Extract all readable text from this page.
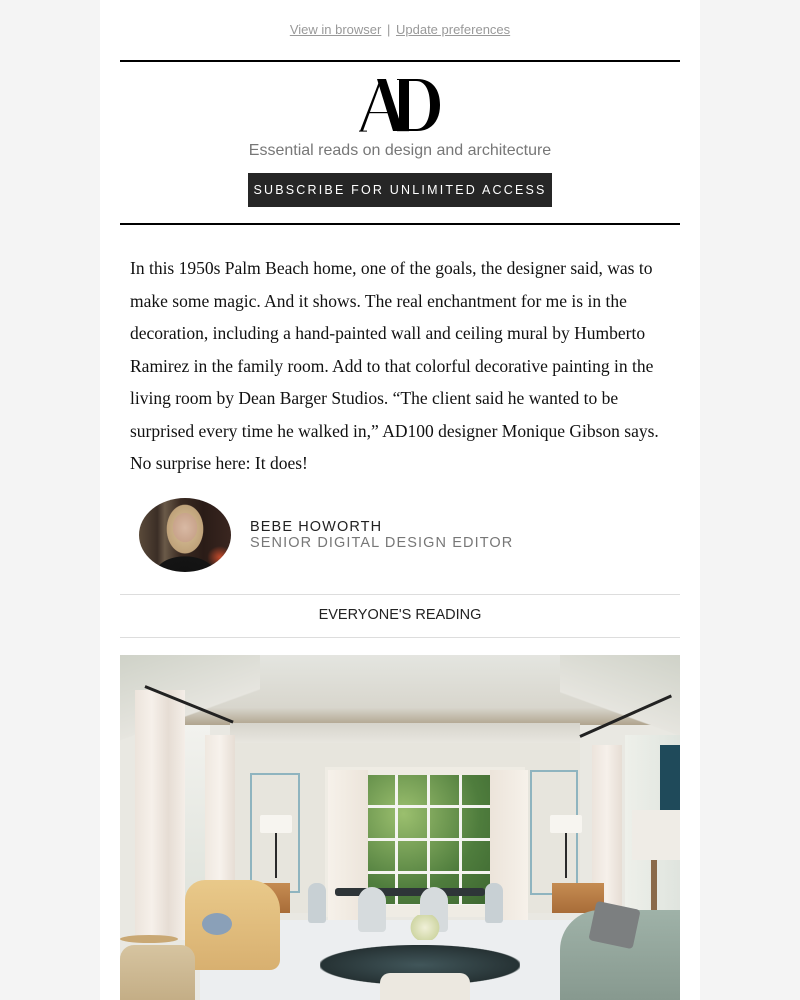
View in browser | Update preferences
Essential reads on design and architecture
SUBSCRIBE FOR UNLIMITED ACCESS

In this 1950s Palm Beach home, one of the goals, the designer said, was to make some magic. And it shows. The real enchantment for me is in the decoration, including a hand-painted wall and ceiling mural by Humberto Ramirez in the family room. Add to that colorful decorative painting in the living room by Dean Barger Studios. “The client said he wanted to be surprised every time he walked in,” AD100 designer Monique Gibson says. No surprise here: It does!

BEBE HOWORTH
SENIOR DIGITAL DESIGN EDITOR
EVERYONE'S READING
